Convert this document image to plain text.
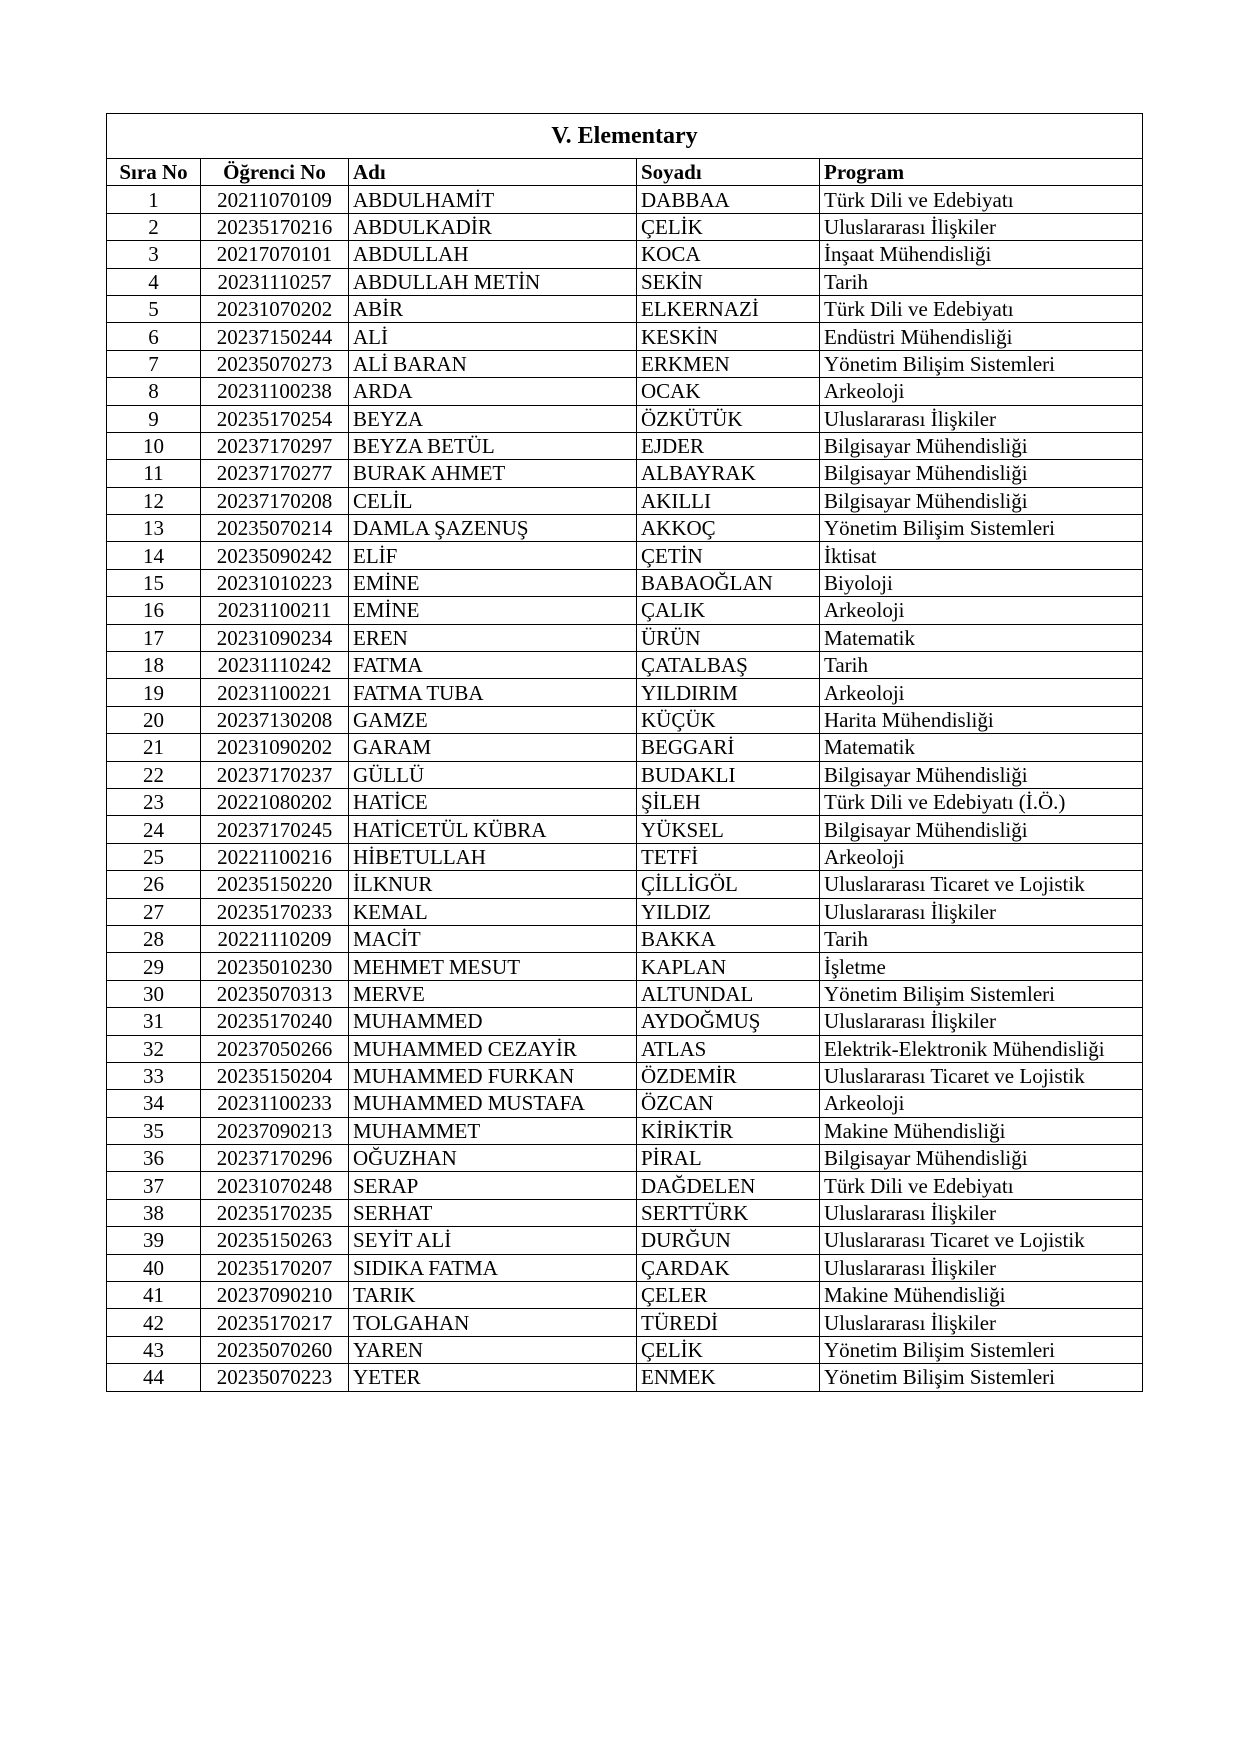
V. Elementary				
Sıra No	Öğrenci No	Adı	Soyadı	Program
1	20211070109	ABDULHAMİT	DABBAA	Türk Dili ve Edebiyatı
2	20235170216	ABDULKADİR	ÇELİK	Uluslararası İlişkiler
3	20217070101	ABDULLAH	KOCA	İnşaat Mühendisliği
4	20231110257	ABDULLAH METİN	SEKİN	Tarih
5	20231070202	ABİR	ELKERNAZİ	Türk Dili ve Edebiyatı
6	20237150244	ALİ	KESKİN	Endüstri Mühendisliği
7	20235070273	ALİ BARAN	ERKMEN	Yönetim Bilişim Sistemleri
8	20231100238	ARDA	OCAK	Arkeoloji
9	20235170254	BEYZA	ÖZKÜTÜK	Uluslararası İlişkiler
10	20237170297	BEYZA BETÜL	EJDER	Bilgisayar Mühendisliği
11	20237170277	BURAK AHMET	ALBAYRAK	Bilgisayar Mühendisliği
12	20237170208	CELİL	AKILLI	Bilgisayar Mühendisliği
13	20235070214	DAMLA ŞAZENUŞ	AKKOÇ	Yönetim Bilişim Sistemleri
14	20235090242	ELİF	ÇETİN	İktisat
15	20231010223	EMİNE	BABAOĞLAN	Biyoloji
16	20231100211	EMİNE	ÇALIK	Arkeoloji
17	20231090234	EREN	ÜRÜN	Matematik
18	20231110242	FATMA	ÇATALBAŞ	Tarih
19	20231100221	FATMA TUBA	YILDIRIM	Arkeoloji
20	20237130208	GAMZE	KÜÇÜK	Harita Mühendisliği
21	20231090202	GARAM	BEGGARİ	Matematik
22	20237170237	GÜLLÜ	BUDAKLI	Bilgisayar Mühendisliği
23	20221080202	HATİCE	ŞİLEH	Türk Dili ve Edebiyatı (İ.Ö.)
24	20237170245	HATİCETÜL KÜBRA	YÜKSEL	Bilgisayar Mühendisliği
25	20221100216	HİBETULLAH	TETFİ	Arkeoloji
26	20235150220	İLKNUR	ÇİLLİGÖL	Uluslararası Ticaret ve Lojistik
27	20235170233	KEMAL	YILDIZ	Uluslararası İlişkiler
28	20221110209	MACİT	BAKKA	Tarih
29	20235010230	MEHMET MESUT	KAPLAN	İşletme
30	20235070313	MERVE	ALTUNDAL	Yönetim Bilişim Sistemleri
31	20235170240	MUHAMMED	AYDOĞMUŞ	Uluslararası İlişkiler
32	20237050266	MUHAMMED CEZAYİR	ATLAS	Elektrik-Elektronik Mühendisliği
33	20235150204	MUHAMMED FURKAN	ÖZDEMİR	Uluslararası Ticaret ve Lojistik
34	20231100233	MUHAMMED MUSTAFA	ÖZCAN	Arkeoloji
35	20237090213	MUHAMMET	KİRİKTİR	Makine Mühendisliği
36	20237170296	OĞUZHAN	PİRAL	Bilgisayar Mühendisliği
37	20231070248	SERAP	DAĞDELEN	Türk Dili ve Edebiyatı
38	20235170235	SERHAT	SERTTÜRK	Uluslararası İlişkiler
39	20235150263	SEYİT ALİ	DURĞUN	Uluslararası Ticaret ve Lojistik
40	20235170207	SIDIKA FATMA	ÇARDAK	Uluslararası İlişkiler
41	20237090210	TARIK	ÇELER	Makine Mühendisliği
42	20235170217	TOLGAHAN	TÜREDİ	Uluslararası İlişkiler
43	20235070260	YAREN	ÇELİK	Yönetim Bilişim Sistemleri
44	20235070223	YETER	ENMEK	Yönetim Bilişim Sistemleri
